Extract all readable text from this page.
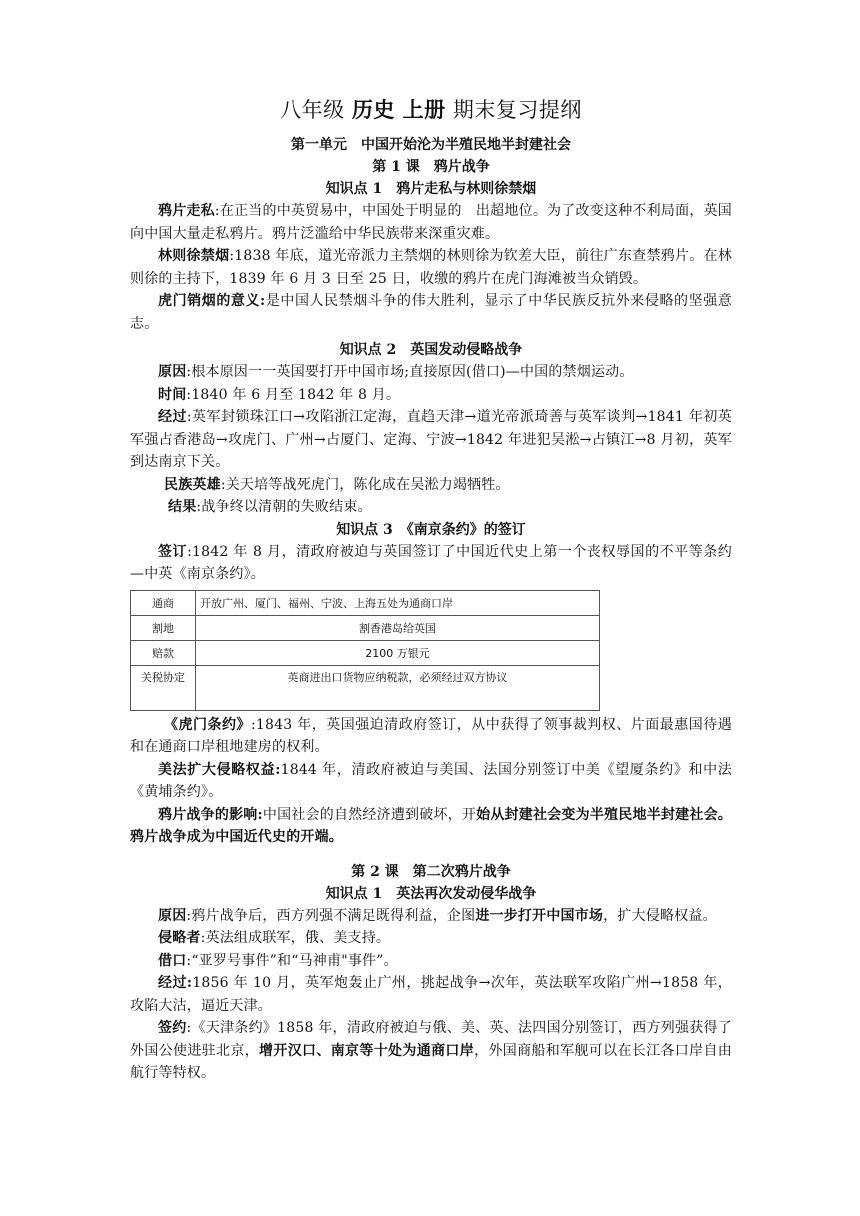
八年级 历史 上册 期末复习提纲
第一单元　中国开始沦为半殖民地半封建社会
第 1 课　鸦片战争
知识点 1　鸦片走私与林则徐禁烟

鸦片走私:在正当的中英贸易中，中国处于明显的　出超地位。为了改变这种不利局面，英国向中国大量走私鸦片。鸦片泛滥给中华民族带来深重灾难。

林则徐禁烟:1838 年底，道光帝派力主禁烟的林则徐为钦差大臣，前往广东查禁鸦片。在林则徐的主持下，1839 年 6 月 3 日至 25 日，收缴的鸦片在虎门海滩被当众销毁。

虎门销烟的意义:是中国人民禁烟斗争的伟大胜利，显示了中华民族反抗外来侵略的坚强意志。

知识点 2　英国发动侵略战争

原因:根本原因一一英国要打开中国市场;直接原因(借口)—中国的禁烟运动。

时间:1840 年 6 月至 1842 年 8 月。

经过:英军封锁珠江口→攻陷浙江定海，直趋天津→道光帝派琦善与英军谈判→1841 年初英军强占香港岛→攻虎门、广州→占厦门、定海、宁波→1842 年进犯吴淞→占镇江→8 月初，英军到达南京下关。

民族英雄:关天培等战死虎门，陈化成在吴淞力竭牺牲。

结果:战争终以清朝的失败结束。

知识点 3　《南京条约》的签订

签订:1842 年 8 月，清政府被迫与英国签订了中国近代史上第一个丧权辱国的不平等条约—中英《南京条约》。

通商	开放广州、厦门、福州、宁波、上海五处为通商口岸
割地	割香港岛给英国
赔款	2100 万银元
关税协定	英商进出口货物应纳税款，必须经过双方协议

《虎门条约》:1843 年，英国强迫清政府签订，从中获得了领事裁判权、片面最惠国待遇和在通商口岸租地建房的权利。

美法扩大侵略权益:1844 年，清政府被迫与美国、法国分别签订中美《望厦条约》和中法《黄埔条约》。

鸦片战争的影响:中国社会的自然经济遭到破坏，开始从封建社会变为半殖民地半封建社会。鸦片战争成为中国近代史的开端。

第 2 课　第二次鸦片战争
知识点 1　英法再次发动侵华战争

原因:鸦片战争后，西方列强不满足既得利益，企图进一步打开中国市场，扩大侵略权益。

侵略者:英法组成联军，俄、美支持。

借口:“亚罗号事件”和“马神甫"事件”。

经过:1856 年 10 月，英军炮轰止广州，挑起战争→次年，英法联军攻陷广州→1858 年，攻陷大沽，逼近天津。

签约:《天津条约》1858 年，清政府被迫与俄、美、英、法四国分别签订，西方列强获得了外国公使进驻北京，增开汉口、南京等十处为通商口岸，外国商船和军舰可以在长江各口岸自由航行等特权。
